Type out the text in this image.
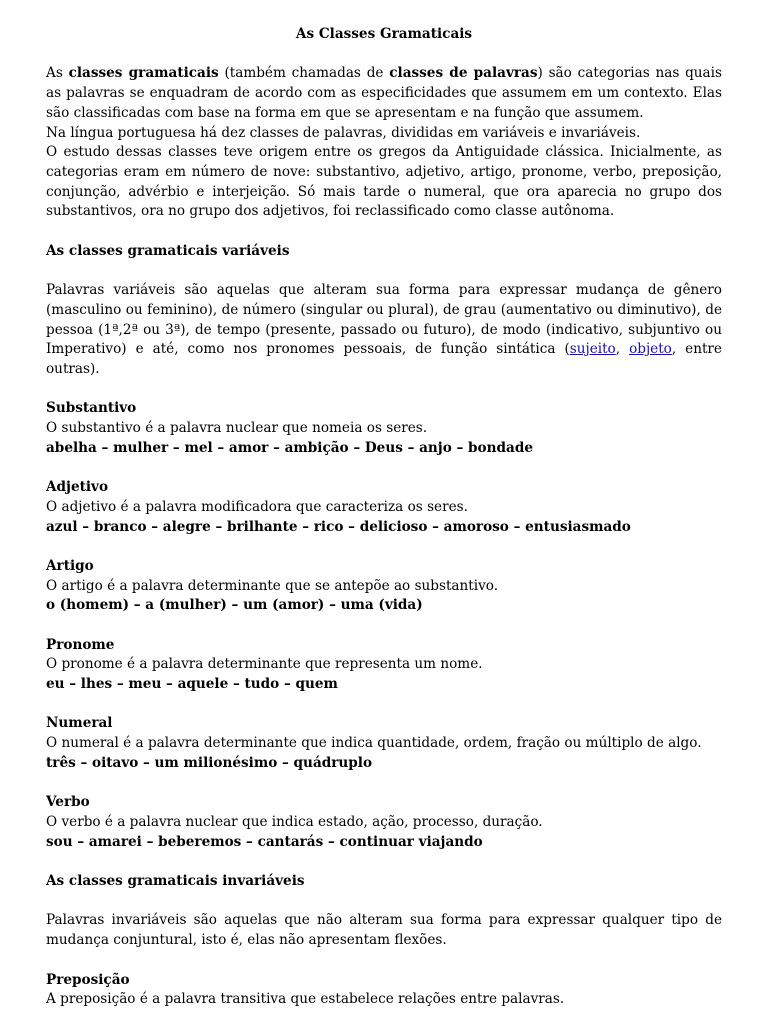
As Classes Gramaticais

As classes gramaticais (também chamadas de classes de palavras) são categorias nas quais as palavras se enquadram de acordo com as especificidades que assumem em um contexto. Elas são classificadas com base na forma em que se apresentam e na função que assumem.

Na língua portuguesa há dez classes de palavras, divididas em variáveis e invariáveis.

O estudo dessas classes teve origem entre os gregos da Antiguidade clássica. Inicialmente, as categorias eram em número de nove: substantivo, adjetivo, artigo, pronome, verbo, preposição, conjunção, advérbio e interjeição. Só mais tarde o numeral, que ora aparecia no grupo dos substantivos, ora no grupo dos adjetivos, foi reclassificado como classe autônoma.

As classes gramaticais variáveis

Palavras variáveis são aquelas que alteram sua forma para expressar mudança de gênero (masculino ou feminino), de número (singular ou plural), de grau (aumentativo ou diminutivo), de pessoa (1ª,2ª ou 3ª), de tempo (presente, passado ou futuro), de modo (indicativo, subjuntivo ou Imperativo) e até, como nos pronomes pessoais, de função sintática (sujeito, objeto, entre outras).

Substantivo

O substantivo é a palavra nuclear que nomeia os seres.

abelha – mulher – mel – amor – ambição – Deus – anjo – bondade

Adjetivo

O adjetivo é a palavra modificadora que caracteriza os seres.

azul – branco – alegre – brilhante – rico – delicioso – amoroso – entusiasmado

Artigo

O artigo é a palavra determinante que se antepõe ao substantivo.

o (homem) – a (mulher) – um (amor) – uma (vida)

Pronome

O pronome é a palavra determinante que representa um nome.

eu – lhes – meu – aquele – tudo – quem

Numeral

O numeral é a palavra determinante que indica quantidade, ordem, fração ou múltiplo de algo.

três – oitavo – um milionésimo – quádruplo

Verbo

O verbo é a palavra nuclear que indica estado, ação, processo, duração.

sou – amarei – beberemos – cantarás – continuar viajando

As classes gramaticais invariáveis

Palavras invariáveis são aquelas que não alteram sua forma para expressar qualquer tipo de mudança conjuntural, isto é, elas não apresentam flexões.

Preposição

A preposição é a palavra transitiva que estabelece relações entre palavras.
